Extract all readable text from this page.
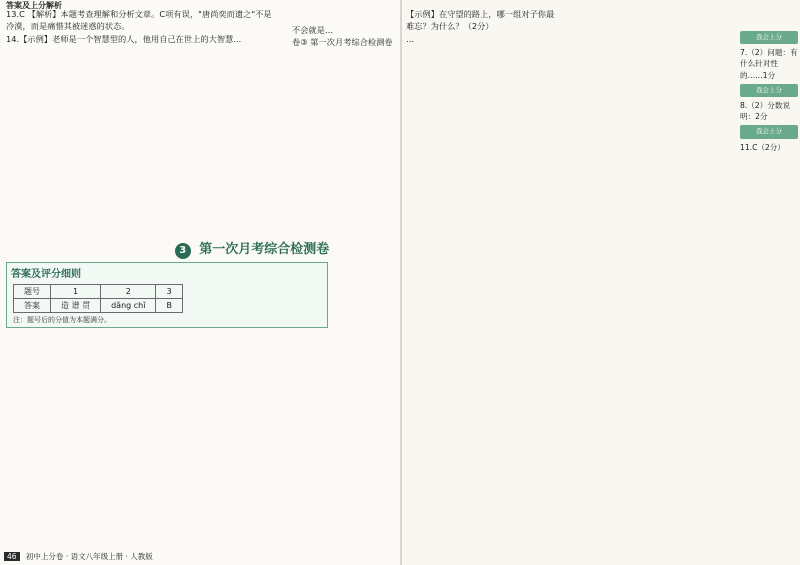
答案及上分解析
13.C 【解析】本题考查理解和分析文章。C项有误，"唐尚奕而遗之"不是冷漠，而是痛惜其被迷惑的状态。
14.【示例】老师是一个智慧型的人，他用自己在世上的大智慧...
不会就是…
卷③ 第一次月考综合检测卷
3 第一次月考综合检测卷
答案及评分细则
题号	1	2	3
答案	造 谱 贯	dǎng chǐ	B
注：题号后的分值为本题满分。
46 初中上分卷 · 语文八年级上册 · 人教版
【示例】在守望的路上，哪一组对子你最难忘？为什么？（2分）
…	我会上分
7.（2）问题：有什么针对性的……1分
我会上分
8.（2）分数说明：2分
我会上分
11.C（2分）
